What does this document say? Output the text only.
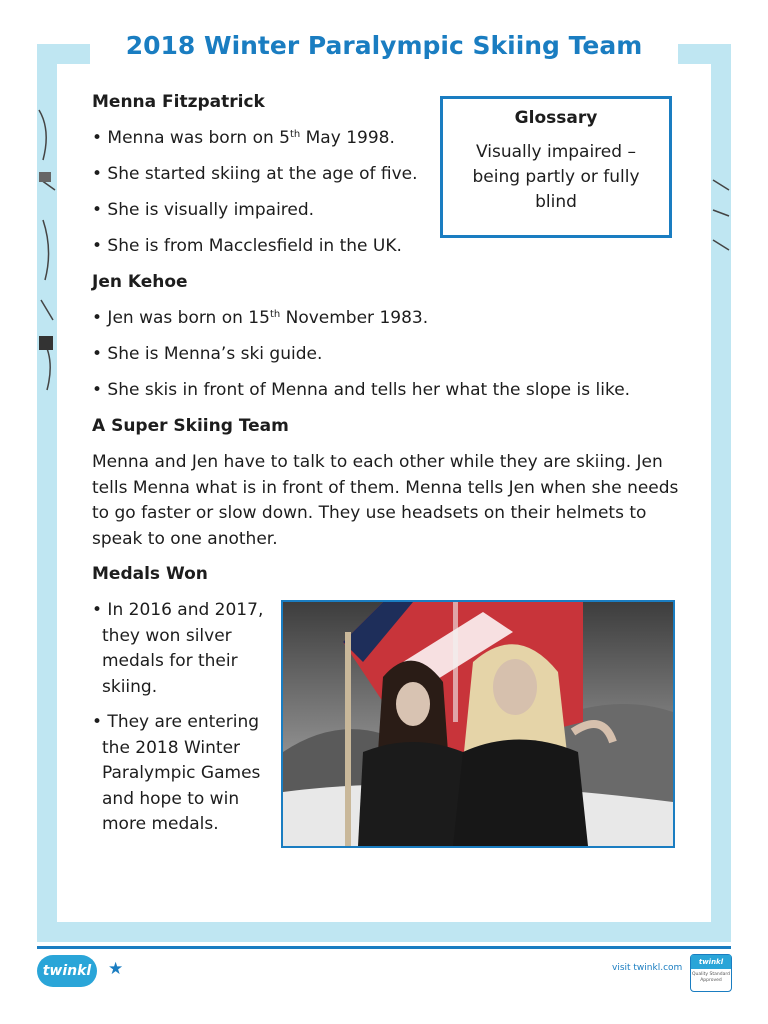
2018 Winter Paralympic Skiing Team
Menna Fitzpatrick
• Menna was born on 5th May 1998.
• She started skiing at the age of five.
• She is visually impaired.
• She is from Macclesfield in the UK.
Glossary
Visually impaired – being partly or fully blind
Jen Kehoe
• Jen was born on 15th November 1983.
• She is Menna’s ski guide.
• She skis in front of Menna and tells her what the slope is like.
A Super Skiing Team
Menna and Jen have to talk to each other while they are skiing. Jen tells Menna what is in front of them. Menna tells Jen when she needs to go faster or slow down. They use headsets on their helmets to speak to one another.
Medals Won
• In 2016 and 2017, they won silver medals for their skiing.
• They are entering the 2018 Winter Paralympic Games and hope to win more medals.
twinkl ★	visit twinkl.com
twinkl
Quality Standard Approved
